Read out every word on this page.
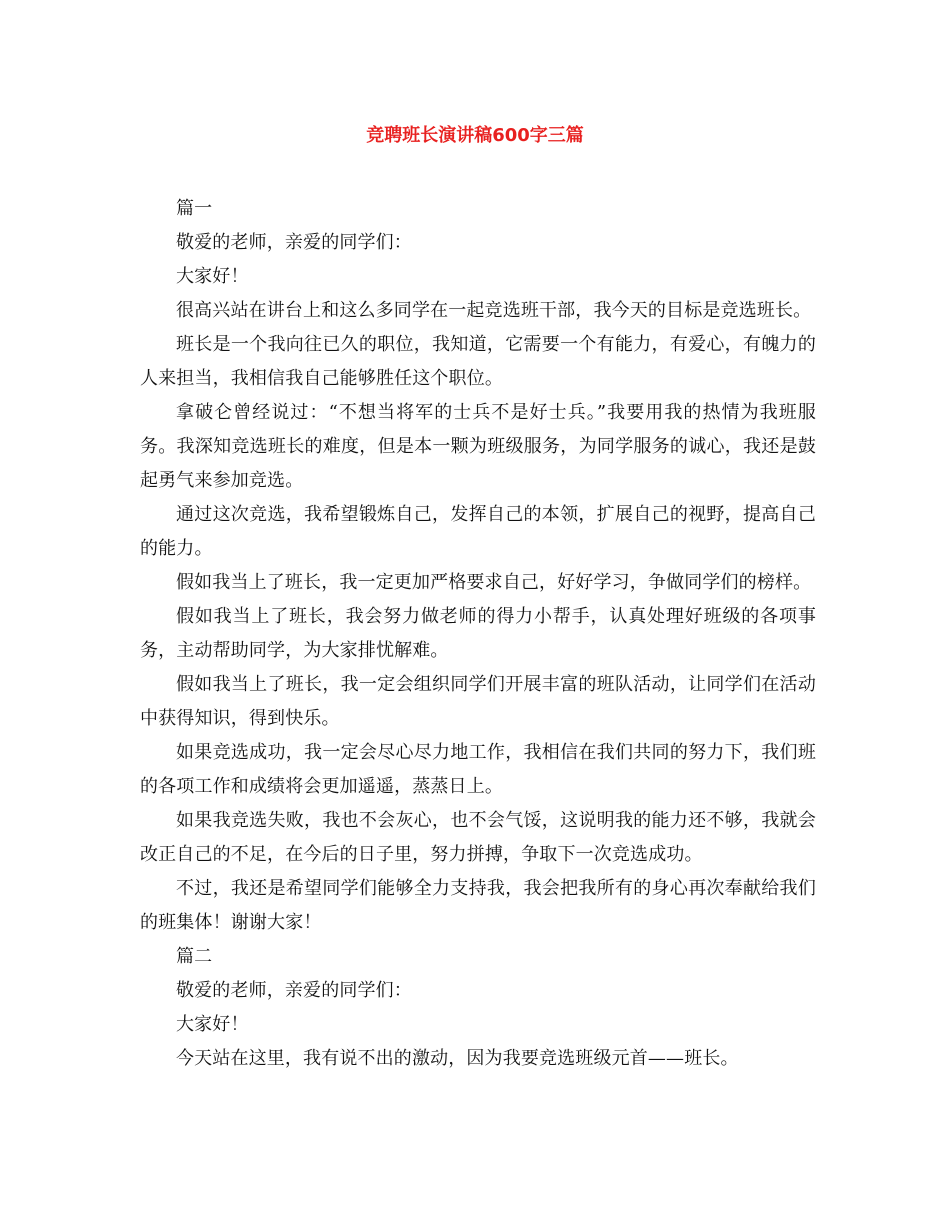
竞聘班长演讲稿600字三篇

篇一

敬爱的老师，亲爱的同学们：

大家好！

很高兴站在讲台上和这么多同学在一起竞选班干部，我今天的目标是竞选班长。

班长是一个我向往已久的职位，我知道，它需要一个有能力，有爱心，有魄力的人来担当，我相信我自己能够胜任这个职位。

拿破仑曾经说过：“不想当将军的士兵不是好士兵。”我要用我的热情为我班服务。我深知竞选班长的难度，但是本一颗为班级服务，为同学服务的诚心，我还是鼓起勇气来参加竞选。

通过这次竞选，我希望锻炼自己，发挥自己的本领，扩展自己的视野，提高自己的能力。

假如我当上了班长，我一定更加严格要求自己，好好学习，争做同学们的榜样。

假如我当上了班长，我会努力做老师的得力小帮手，认真处理好班级的各项事务，主动帮助同学，为大家排忧解难。

假如我当上了班长，我一定会组织同学们开展丰富的班队活动，让同学们在活动中获得知识，得到快乐。

如果竞选成功，我一定会尽心尽力地工作，我相信在我们共同的努力下，我们班的各项工作和成绩将会更加遥遥，蒸蒸日上。

如果我竞选失败，我也不会灰心，也不会气馁，这说明我的能力还不够，我就会改正自己的不足，在今后的日子里，努力拼搏，争取下一次竞选成功。

不过，我还是希望同学们能够全力支持我，我会把我所有的身心再次奉献给我们的班集体！谢谢大家！

篇二

敬爱的老师，亲爱的同学们：

大家好！

今天站在这里，我有说不出的激动，因为我要竞选班级元首——班长。
